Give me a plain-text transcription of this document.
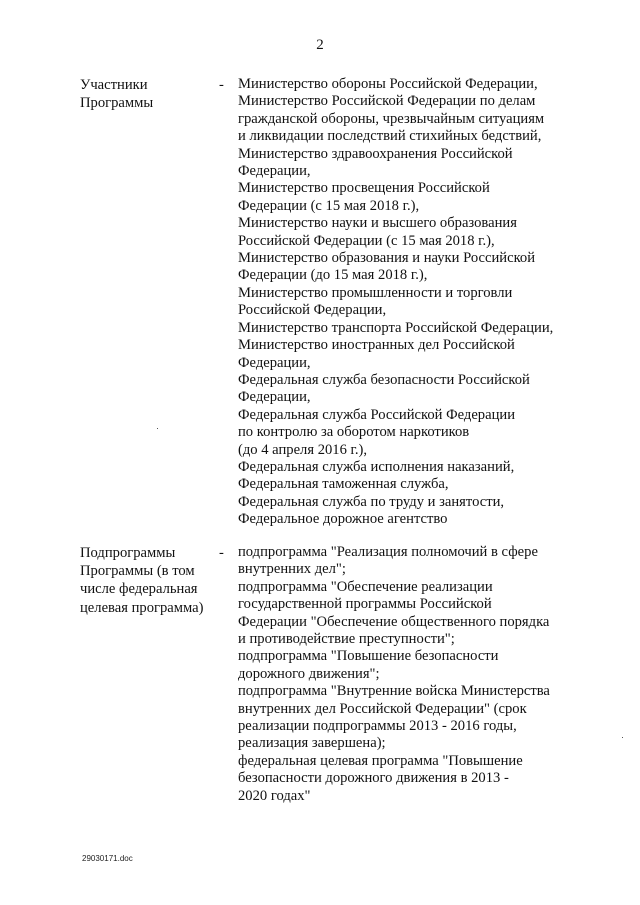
2
Участники
Программы
- Министерство обороны Российской Федерации,
Министерство Российской Федерации по делам
гражданской обороны, чрезвычайным ситуациям
и ликвидации последствий стихийных бедствий,
Министерство здравоохранения Российской
Федерации,
Министерство просвещения Российской
Федерации (с 15 мая 2018 г.),
Министерство науки и высшего образования
Российской Федерации (с 15 мая 2018 г.),
Министерство образования и науки Российской
Федерации (до 15 мая 2018 г.),
Министерство промышленности и торговли
Российской Федерации,
Министерство транспорта Российской Федерации,
Министерство иностранных дел Российской
Федерации,
Федеральная служба безопасности Российской
Федерации,
Федеральная служба Российской Федерации
по контролю за оборотом наркотиков
(до 4 апреля 2016 г.),
Федеральная служба исполнения наказаний,
Федеральная таможенная служба,
Федеральная служба по труду и занятости,
Федеральное дорожное агентство
Подпрограммы
Программы (в том
числе федеральная
целевая программа)
- подпрограмма "Реализация полномочий в сфере
внутренних дел";
подпрограмма "Обеспечение реализации
государственной программы Российской
Федерации "Обеспечение общественного порядка
и противодействие преступности";
подпрограмма "Повышение безопасности
дорожного движения";
подпрограмма "Внутренние войска Министерства
внутренних дел Российской Федерации" (срок
реализации подпрограммы 2013 - 2016 годы,
реализация завершена);
федеральная целевая программа "Повышение
безопасности дорожного движения в 2013 -
2020 годах"
29030171.doc
